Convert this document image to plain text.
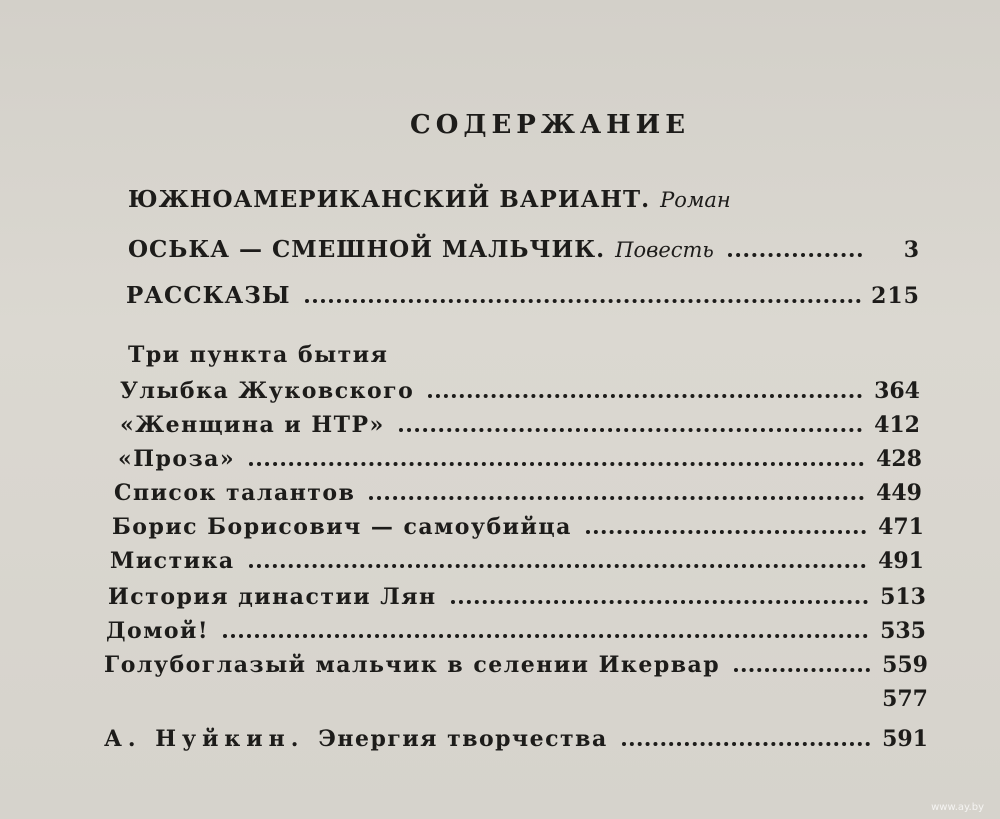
СОДЕРЖАНИЕ
ЮЖНОАМЕРИКАНСКИЙ ВАРИАНТ. Роман
ОСЬКА — СМЕШНОЙ МАЛЬЧИК. Повесть	3
РАССКАЗЫ	215
Три пункта бытия
Улыбка Жуковского	364
«Женщина и НТР»	412
«Проза»	428
Список талантов	449
Борис Борисович — самоубийца	471
Мистика	491
История династии Лян	513
Домой!	535
Голубоглазый мальчик в селении Икервар	559
577
А. Нуйкин. Энергия творчества	591
www.ay.by
